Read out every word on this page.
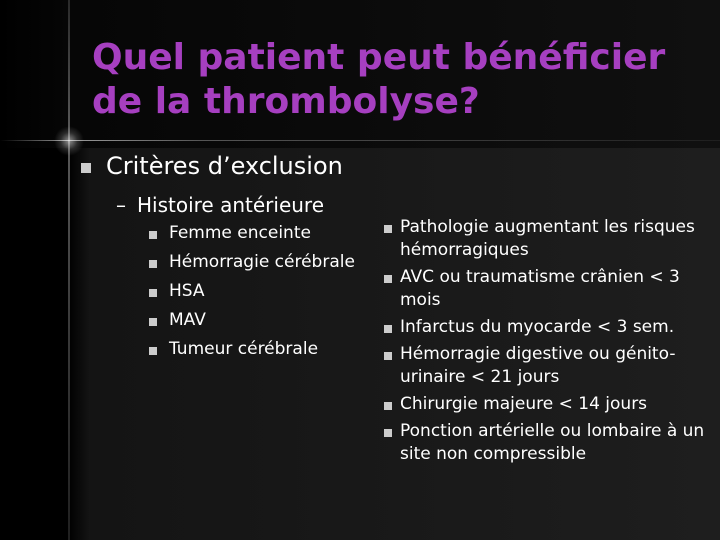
Quel patient peut bénéficier
de la thrombolyse?
Critères d’exclusion
– Histoire antérieure
Femme enceinte
Hémorragie cérébrale
HSA
MAV
Tumeur cérébrale
Pathologie augmentant les risques hémorragiques
AVC ou traumatisme crânien < 3 mois
Infarctus du myocarde < 3 sem.
Hémorragie digestive ou génito-urinaire < 21 jours
Chirurgie majeure < 14 jours
Ponction artérielle ou lombaire à un site non compressible
